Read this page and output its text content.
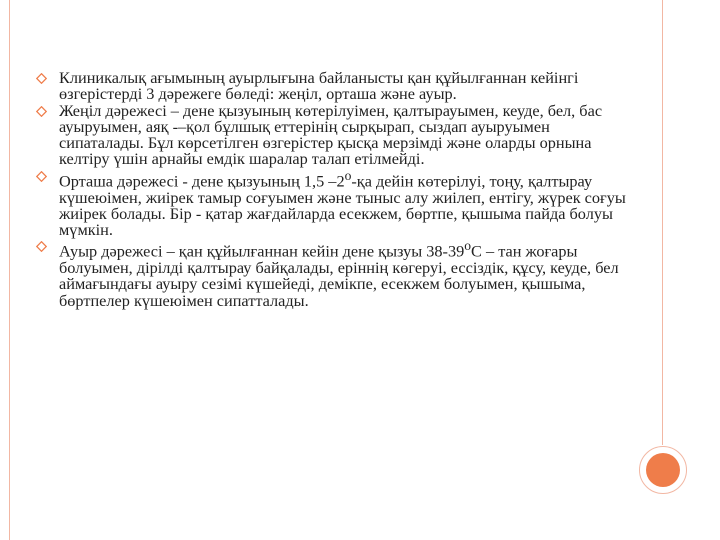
Клиникалық ағымының ауырлығына байланысты қан құйылғаннан кейінгі өзгерістерді 3 дәрежеге бөледі: жеңіл, орташа және ауыр.
Жеңіл дәрежесі – дене қызуының көтерілуімен, қалтырауымен, кеуде, бел, бас ауыруымен, аяқ -–қол бұлшық еттерінің сырқырап, сыздап ауыруымен сипаталады. Бұл көрсетілген өзгерістер қысқа мерзімді және оларды орнына келтіру үшін арнайы емдік шаралар талап етілмейді.
Орташа дәрежесі - дене қызуының 1,5 $-2^о-қа$ дейін көтерілуі, тоңу, қалтырау күшеюімен, жиірек тамыр соғуымен және тыныс алу жиілеп, ентігу, жүрек соғуы жиірек болады. Бір - қатар жағдайларда есекжем, бөртпе, қышыма пайда болуы мүмкін.
Ауыр дәрежесі – қан құйылғаннан кейін дене қызуы $38-39^оС$ – тан жоғары болуымен, дірілді қалтырау байқалады, еріннің көгеруі, ессіздік, құсу, кеуде, бел аймағындағы ауыру сезімі күшейеді, демікпе, есекжем болуымен, қышыма, бөртпелер күшеюімен сипатталады.
